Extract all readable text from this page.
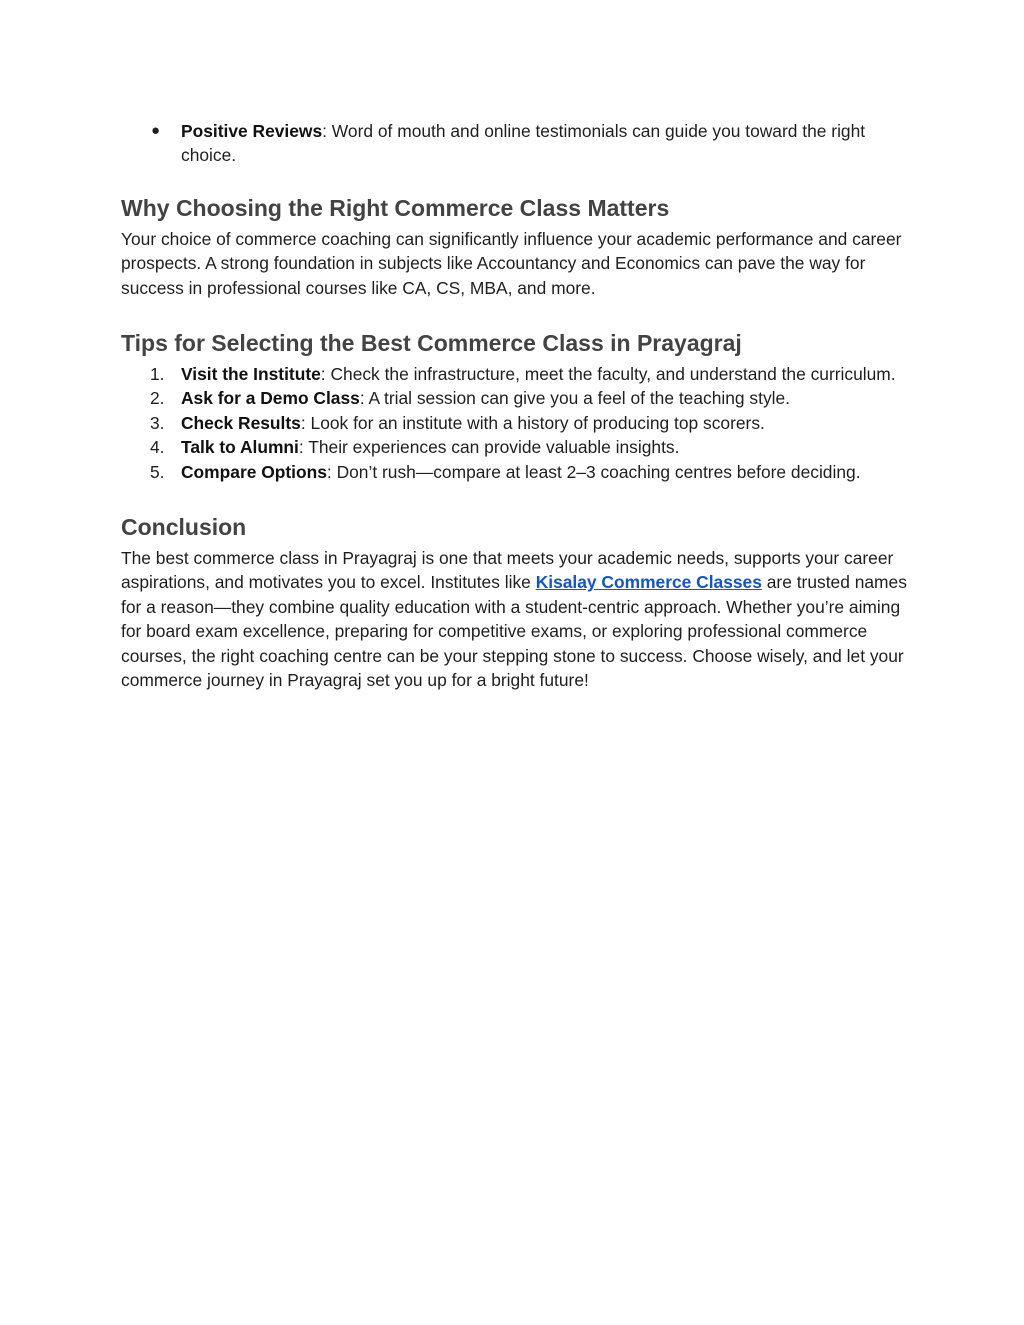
● Positive Reviews: Word of mouth and online testimonials can guide you toward the right choice.
Why Choosing the Right Commerce Class Matters

Your choice of commerce coaching can significantly influence your academic performance and career prospects. A strong foundation in subjects like Accountancy and Economics can pave the way for success in professional courses like CA, CS, MBA, and more.

Tips for Selecting the Best Commerce Class in Prayagraj
1. Visit the Institute: Check the infrastructure, meet the faculty, and understand the curriculum.
2. Ask for a Demo Class: A trial session can give you a feel of the teaching style.
3. Check Results: Look for an institute with a history of producing top scorers.
4. Talk to Alumni: Their experiences can provide valuable insights.
5. Compare Options: Don’t rush—compare at least 2–3 coaching centres before deciding.
Conclusion

The best commerce class in Prayagraj is one that meets your academic needs, supports your career aspirations, and motivates you to excel. Institutes like Kisalay Commerce Classes are trusted names for a reason—they combine quality education with a student-centric approach. Whether you’re aiming for board exam excellence, preparing for competitive exams, or exploring professional commerce courses, the right coaching centre can be your stepping stone to success. Choose wisely, and let your commerce journey in Prayagraj set you up for a bright future!
